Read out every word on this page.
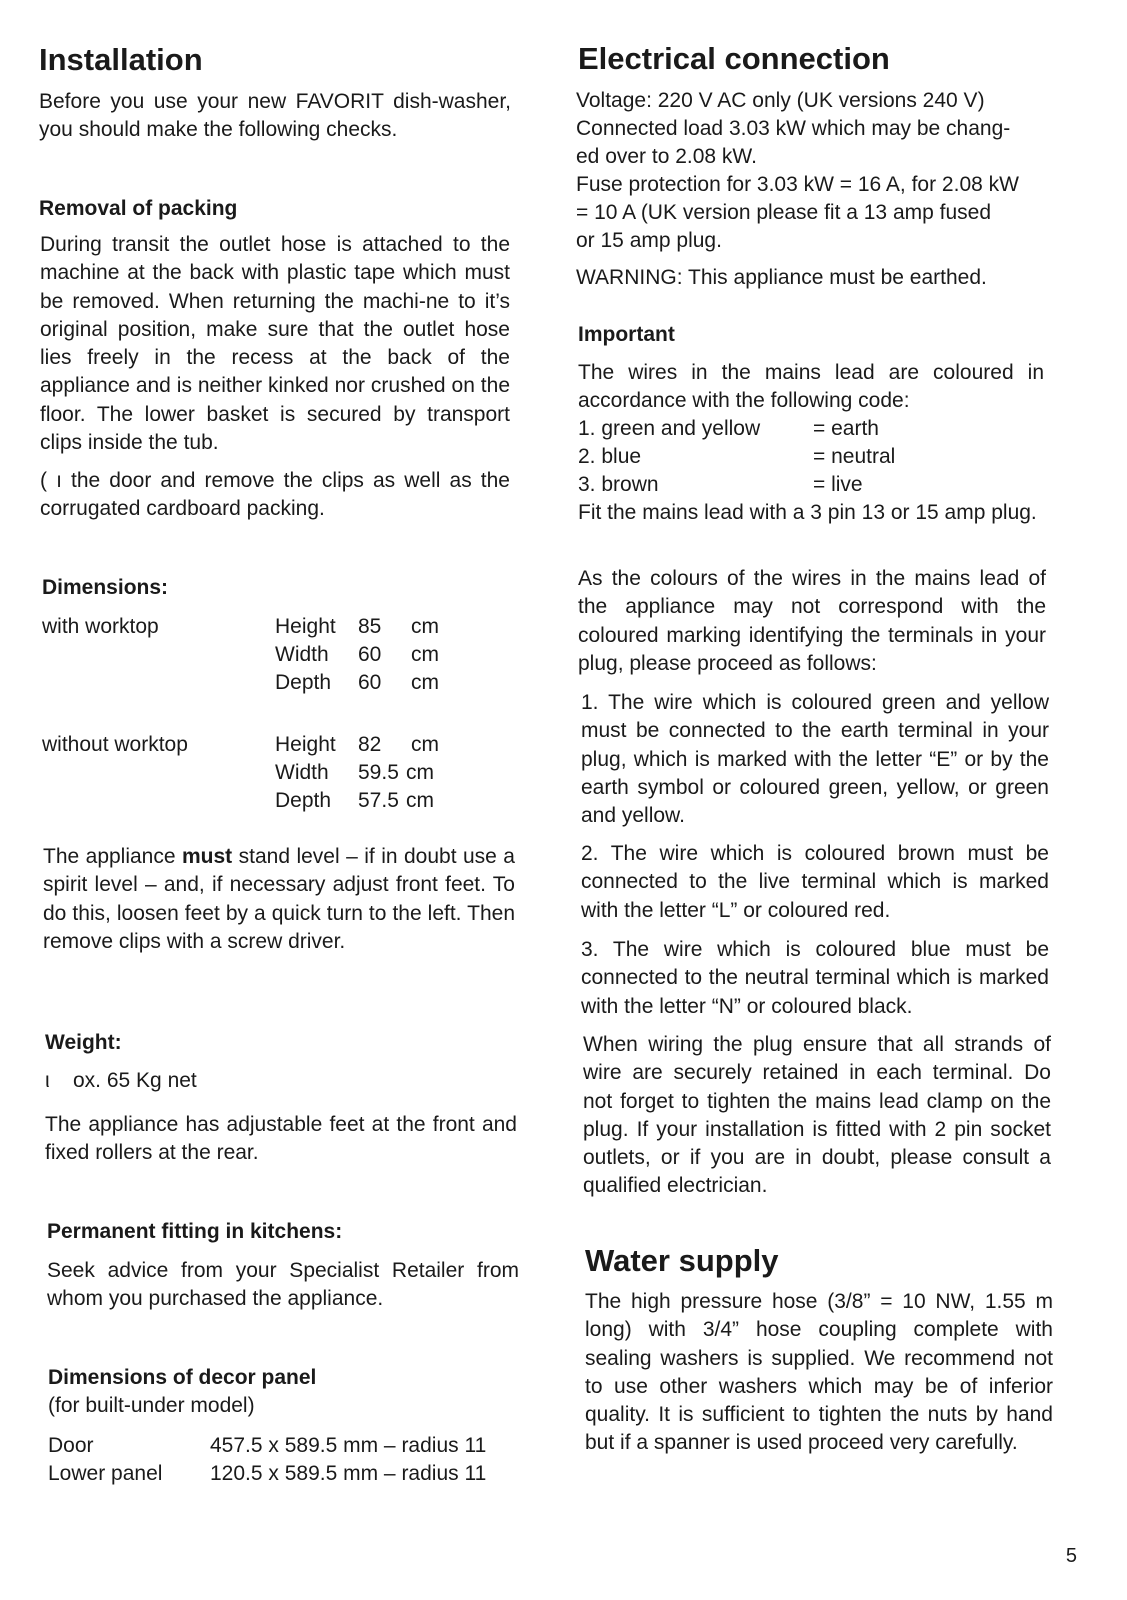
Installation

Before you use your new FAVORIT dish-washer, you should make the following checks.

Removal of packing

During transit the outlet hose is attached to the machine at the back with plastic tape which must be removed. When returning the machi-ne to it’s original position, make sure that the outlet hose lies freely in the recess at the back of the appliance and is neither kinked nor crushed on the floor. The lower basket is secured by transport clips inside the tub.

( ı the door and remove the clips as well as the corrugated cardboard packing.

Dimensions:
with worktop	Height 85 cm
Width 60 cm
Depth 60 cm
without worktop	Height 82 cm
Width 59.5 cm
Depth 57.5 cm

The appliance must stand level – if in doubt use a spirit level – and, if necessary adjust front feet. To do this, loosen feet by a quick turn to the left. Then remove clips with a screw driver.

Weight:
ι    ox. 65 Kg net

The appliance has adjustable feet at the front and fixed rollers at the rear.

Permanent fitting in kitchens:

Seek advice from your Specialist Retailer from whom you purchased the appliance.

Dimensions of decor panel
(for built-under model)
Door	457.5 x 589.5 mm – radius 11
Lower panel 120.5 x 589.5 mm – radius 11
Electrical connection
Voltage: 220 V AC only (UK versions 240 V)
Connected load 3.03 kW which may be chang-
ed over to 2.08 kW.
Fuse protection for 3.03 kW = 16 A, for 2.08 kW
= 10 A (UK version please fit a 13 amp fused
or 15 amp plug.
WARNING: This appliance must be earthed.
Important

The wires in the mains lead are coloured in accordance with the following code:

1. green and yellow	= earth
2. blue	= neutral
3. brown	= live

Fit the mains lead with a 3 pin 13 or 15 amp plug.

As the colours of the wires in the mains lead of the appliance may not correspond with the coloured marking identifying the terminals in your plug, please proceed as follows:

1. The wire which is coloured green and yellow must be connected to the earth terminal in your plug, which is marked with the letter “E” or by the earth symbol or coloured green, yellow, or green and yellow.

2. The wire which is coloured brown must be connected to the live terminal which is marked with the letter “L” or coloured red.

3. The wire which is coloured blue must be connected to the neutral terminal which is marked with the letter “N” or coloured black.

When wiring the plug ensure that all strands of wire are securely retained in each terminal. Do not forget to tighten the mains lead clamp on the plug. If your installation is fitted with 2 pin socket outlets, or if you are in doubt, please consult a qualified electrician.

Water supply

The high pressure hose (3/8” = 10 NW, 1.55 m long) with 3/4” hose coupling complete with sealing washers is supplied. We recommend not to use other washers which may be of inferior quality. It is sufficient to tighten the nuts by hand but if a spanner is used proceed very carefully.

5
